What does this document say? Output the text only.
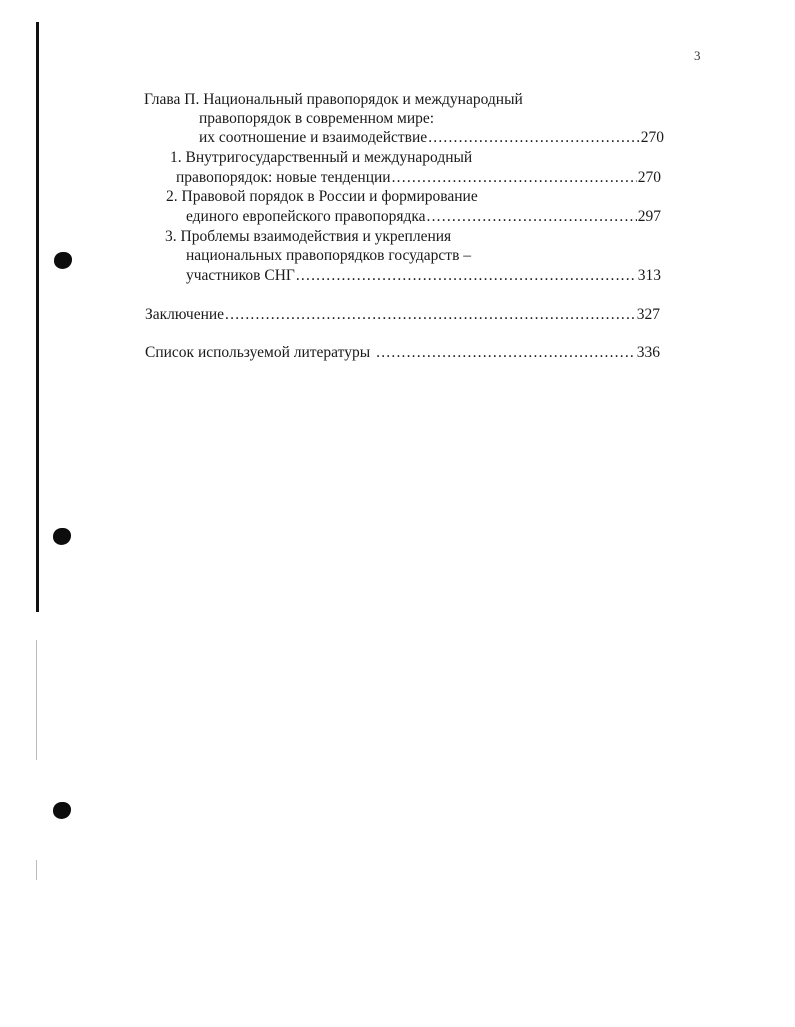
3
Глава П. Национальный правопорядок и международный
правопорядок в современном мире:
их соотношение и взаимодействие .....	270
1. Внутригосударственный и международный
правопорядок: новые тенденции .....	270
2. Правовой порядок в России и формирование
единого европейского правопорядка .....	297
3. Проблемы взаимодействия и укрепления
национальных правопорядков государств –
участников СНГ .....	313
Заключение .....	327
Список используемой литературы .....	336
